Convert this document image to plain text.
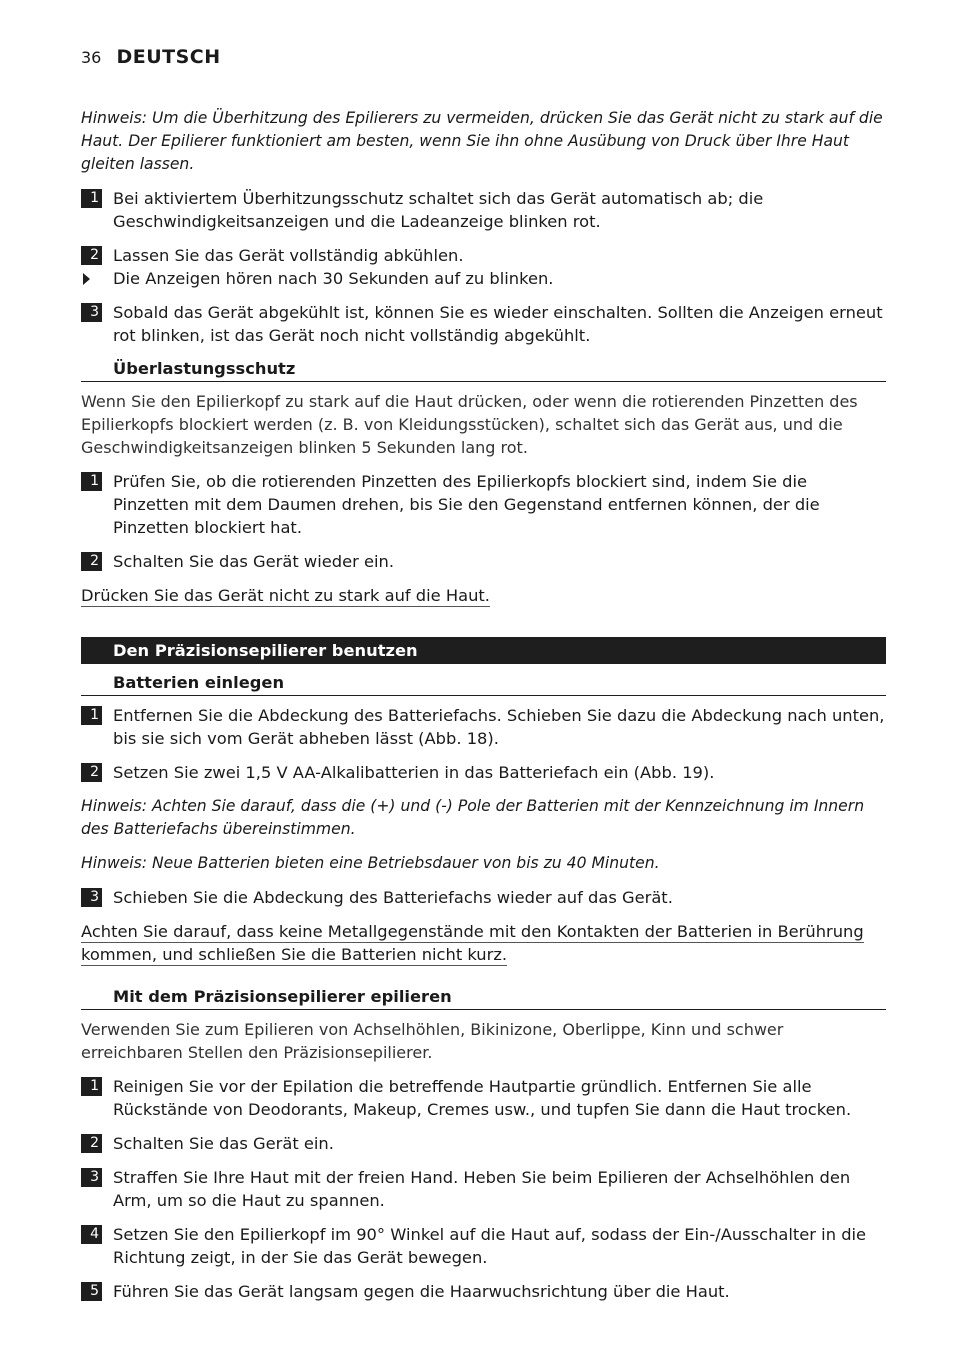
36 DEUTSCH
Hinweis: Um die Überhitzung des Epilierers zu vermeiden, drücken Sie das Gerät nicht zu stark auf die Haut. Der Epilierer funktioniert am besten, wenn Sie ihn ohne Ausübung von Druck über Ihre Haut gleiten lassen.
1 Bei aktiviertem Überhitzungsschutz schaltet sich das Gerät automatisch ab; die Geschwindigkeitsanzeigen und die Ladeanzeige blinken rot.
2 Lassen Sie das Gerät vollständig abkühlen.
Die Anzeigen hören nach 30 Sekunden auf zu blinken.
3 Sobald das Gerät abgekühlt ist, können Sie es wieder einschalten. Sollten die Anzeigen erneut rot blinken, ist das Gerät noch nicht vollständig abgekühlt.
Überlastungsschutz
Wenn Sie den Epilierkopf zu stark auf die Haut drücken, oder wenn die rotierenden Pinzetten des Epilierkopfs blockiert werden (z. B. von Kleidungsstücken), schaltet sich das Gerät aus, und die Geschwindigkeitsanzeigen blinken 5 Sekunden lang rot.
1 Prüfen Sie, ob die rotierenden Pinzetten des Epilierkopfs blockiert sind, indem Sie die Pinzetten mit dem Daumen drehen, bis Sie den Gegenstand entfernen können, der die Pinzetten blockiert hat.
2 Schalten Sie das Gerät wieder ein.
Drücken Sie das Gerät nicht zu stark auf die Haut.
Den Präzisionsepilierer benutzen
Batterien einlegen
1 Entfernen Sie die Abdeckung des Batteriefachs. Schieben Sie dazu die Abdeckung nach unten, bis sie sich vom Gerät abheben lässt (Abb. 18).
2 Setzen Sie zwei 1,5 V AA-Alkalibatterien in das Batteriefach ein (Abb. 19).
Hinweis: Achten Sie darauf, dass die (+) und (-) Pole der Batterien mit der Kennzeichnung im Innern des Batteriefachs übereinstimmen.
Hinweis: Neue Batterien bieten eine Betriebsdauer von bis zu 40 Minuten.
3 Schieben Sie die Abdeckung des Batteriefachs wieder auf das Gerät.
Achten Sie darauf, dass keine Metallgegenstände mit den Kontakten der Batterien in Berührung kommen, und schließen Sie die Batterien nicht kurz.
Mit dem Präzisionsepilierer epilieren
Verwenden Sie zum Epilieren von Achselhöhlen, Bikinizone, Oberlippe, Kinn und schwer erreichbaren Stellen den Präzisionsepilierer.
1 Reinigen Sie vor der Epilation die betreffende Hautpartie gründlich. Entfernen Sie alle Rückstände von Deodorants, Makeup, Cremes usw., und tupfen Sie dann die Haut trocken.
2 Schalten Sie das Gerät ein.
3 Straffen Sie Ihre Haut mit der freien Hand. Heben Sie beim Epilieren der Achselhöhlen den Arm, um so die Haut zu spannen.
4 Setzen Sie den Epilierkopf im 90° Winkel auf die Haut auf, sodass der Ein-/Ausschalter in die Richtung zeigt, in der Sie das Gerät bewegen.
5 Führen Sie das Gerät langsam gegen die Haarwuchsrichtung über die Haut.
